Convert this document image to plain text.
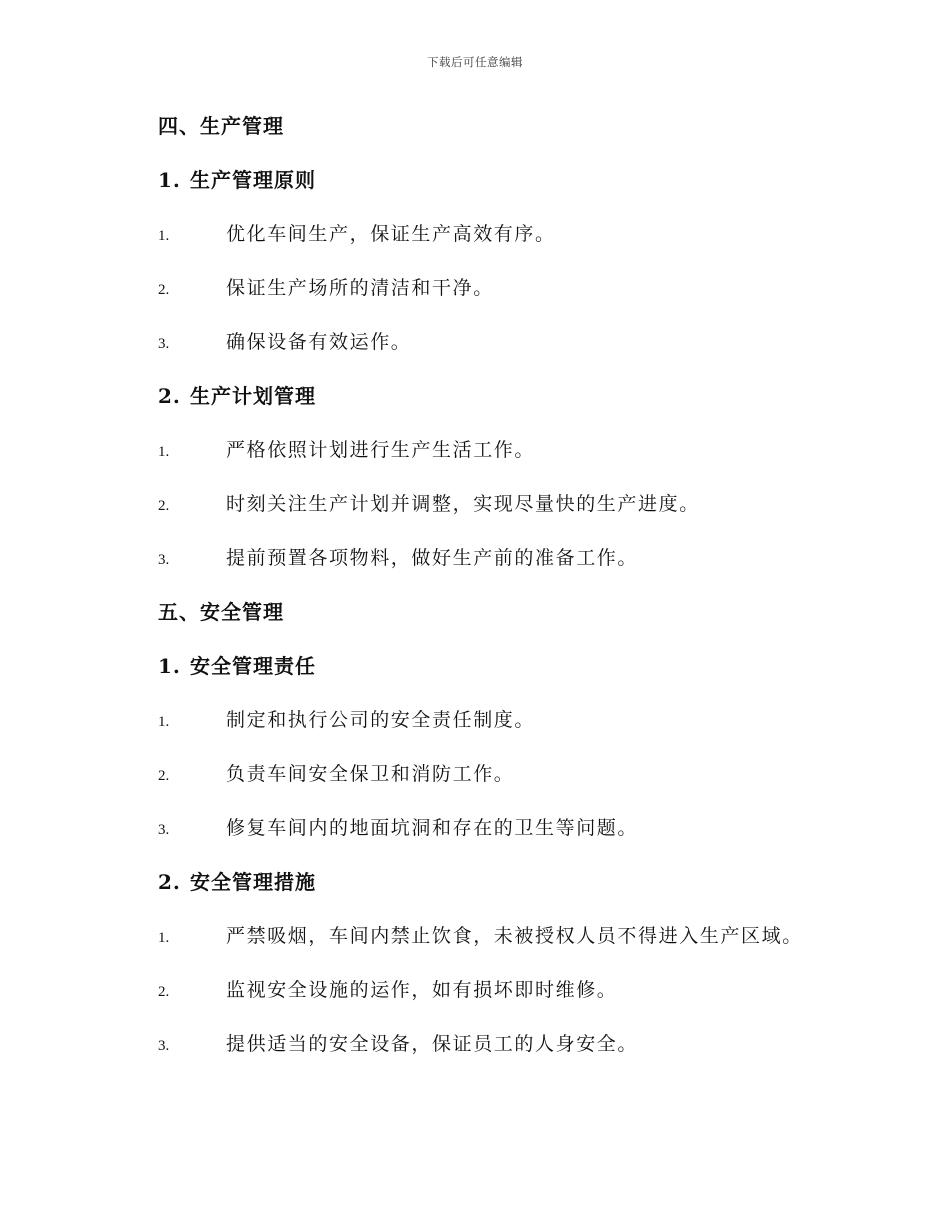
下载后可任意编辑
四、生产管理
1. 生产管理原则
1.	优化车间生产，保证生产高效有序。
2.	保证生产场所的清洁和干净。
3.	确保设备有效运作。
2. 生产计划管理
1.	严格依照计划进行生产生活工作。
2.	时刻关注生产计划并调整，实现尽量快的生产进度。
3.	提前预置各项物料，做好生产前的准备工作。
五、安全管理
1. 安全管理责任
1.	制定和执行公司的安全责任制度。
2.	负责车间安全保卫和消防工作。
3.	修复车间内的地面坑洞和存在的卫生等问题。
2. 安全管理措施
1.	严禁吸烟，车间内禁止饮食，未被授权人员不得进入生产区域。
2.	监视安全设施的运作，如有损坏即时维修。
3.	提供适当的安全设备，保证员工的人身安全。
